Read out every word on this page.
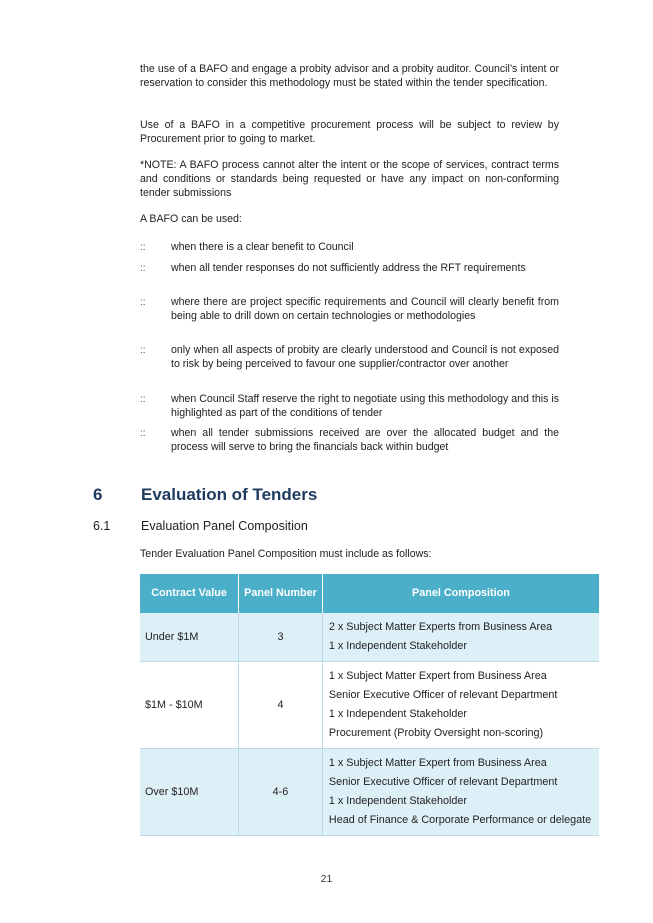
the use of a BAFO and engage a probity advisor and a probity auditor. Council’s intent or reservation to consider this methodology must be stated within the tender specification.

Use of a BAFO in a competitive procurement process will be subject to review by Procurement prior to going to market.

*NOTE: A BAFO process cannot alter the intent or the scope of services, contract terms and conditions or standards being requested or have any impact on non-conforming tender submissions

A BAFO can be used:

:: when there is a clear benefit to Council
:: when all tender responses do not sufficiently address the RFT requirements
:: where there are project specific requirements and Council will clearly benefit from being able to drill down on certain technologies or methodologies
:: only when all aspects of probity are clearly understood and Council is not exposed to risk by being perceived to favour one supplier/contractor over another
:: when Council Staff reserve the right to negotiate using this methodology and this is highlighted as part of the conditions of tender
:: when all tender submissions received are over the allocated budget and the process will serve to bring the financials back within budget
6 Evaluation of Tenders
6.1 Evaluation Panel Composition

Tender Evaluation Panel Composition must include as follows:

Contract Value	Panel Number	Panel Composition
Under $1M	3	2 x Subject Matter Experts from Business Area
1 x Independent Stakeholder

$1M - $10M	4	1 x Subject Matter Expert from Business Area
Senior Executive Officer of relevant Department
1 x Independent Stakeholder
Procurement (Probity Oversight non-scoring)

Over $10M	4-6	1 x Subject Matter Expert from Business Area
Senior Executive Officer of relevant Department
1 x Independent Stakeholder
Head of Finance & Corporate Performance or delegate
21
